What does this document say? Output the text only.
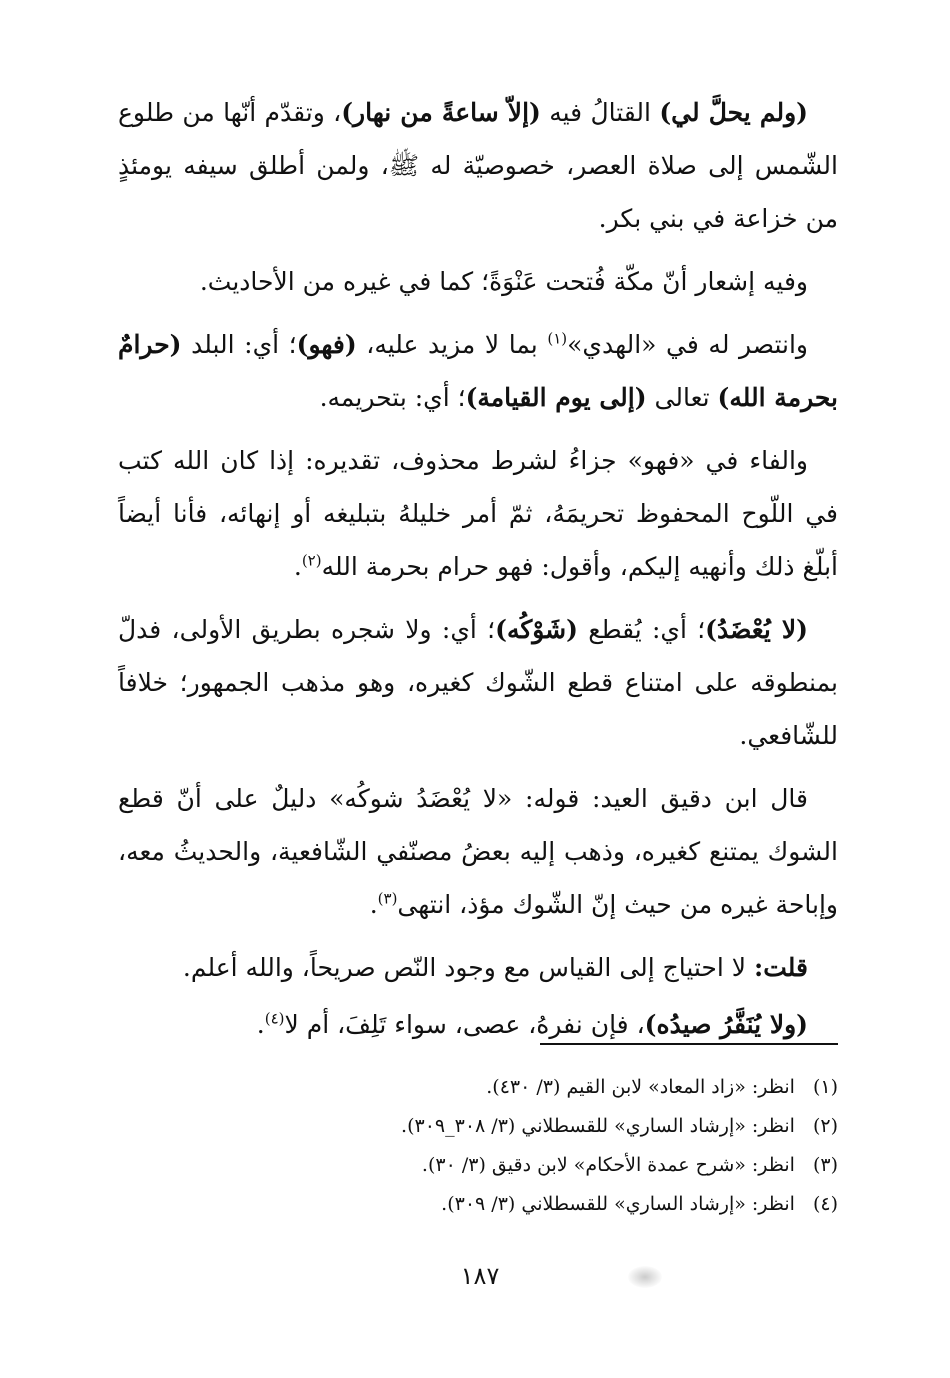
(ولم يحلَّ لي) القتالُ فيه (إلاّ ساعةً من نهار)، وتقدّم أنّها من طلوع الشّمس إلى صلاة العصر، خصوصيّة له ﷺ، ولمن أطلق سيفه يومئذٍ من خزاعة في بني بكر.

وفيه إشعار أنّ مكّة فُتحت عَنْوَةً؛ كما في غيره من الأحاديث.

وانتصر له في «الهدي»$^{(١)}$ بما لا مزيد عليه، (فهو)؛ أي: البلد (حرامٌ بحرمة الله) تعالى (إلى يوم القيامة)؛ أي: بتحريمه.

والفاء في «فهو» جزاءُ لشرط محذوف، تقديره: إذا كان الله كتب في اللّوح المحفوظ تحريمَهُ، ثمّ أمر خليلهُ بتبليغه أو إنهائه، فأنا أيضاً أبلّغ ذلك وأنهيه إليكم، وأقول: فهو حرام بحرمة الله$^{(٢)}$.

(لا يُعْضَدُ)؛ أي: يُقطع (شَوْكُه)؛ أي: ولا شجره بطريق الأولى، فدلّ بمنطوقه على امتناع قطع الشّوك كغيره، وهو مذهب الجمهور؛ خلافاً للشّافعي.

قال ابن دقيق العيد: قوله: «لا يُعْضَدُ شوكُه» دليلٌ على أنّ قطع الشوك يمتنع كغيره، وذهب إليه بعضُ مصنّفي الشّافعية، والحديثُ معه، وإباحة غيره من حيث إنّ الشّوك مؤذ، انتهى$^{(٣)}$.

قلت: لا احتياج إلى القياس مع وجود النّص صريحاً، والله أعلم.

(ولا يُنَفَّرُ صيدُه)، فإن نفرهُ، عصى، سواء تَلِفَ، أم لا$^{(٤)}$.

(١)
انظر: «زاد المعاد» لابن القيم (٣/ ٤٣٠).
(٢)
انظر: «إرشاد الساري» للقسطلاني (٣/ ٣٠٨_٣٠٩).
(٣)
انظر: «شرح عمدة الأحكام» لابن دقيق (٣/ ٣٠).
(٤)
انظر: «إرشاد الساري» للقسطلاني (٣/ ٣٠٩).
١٨٧
